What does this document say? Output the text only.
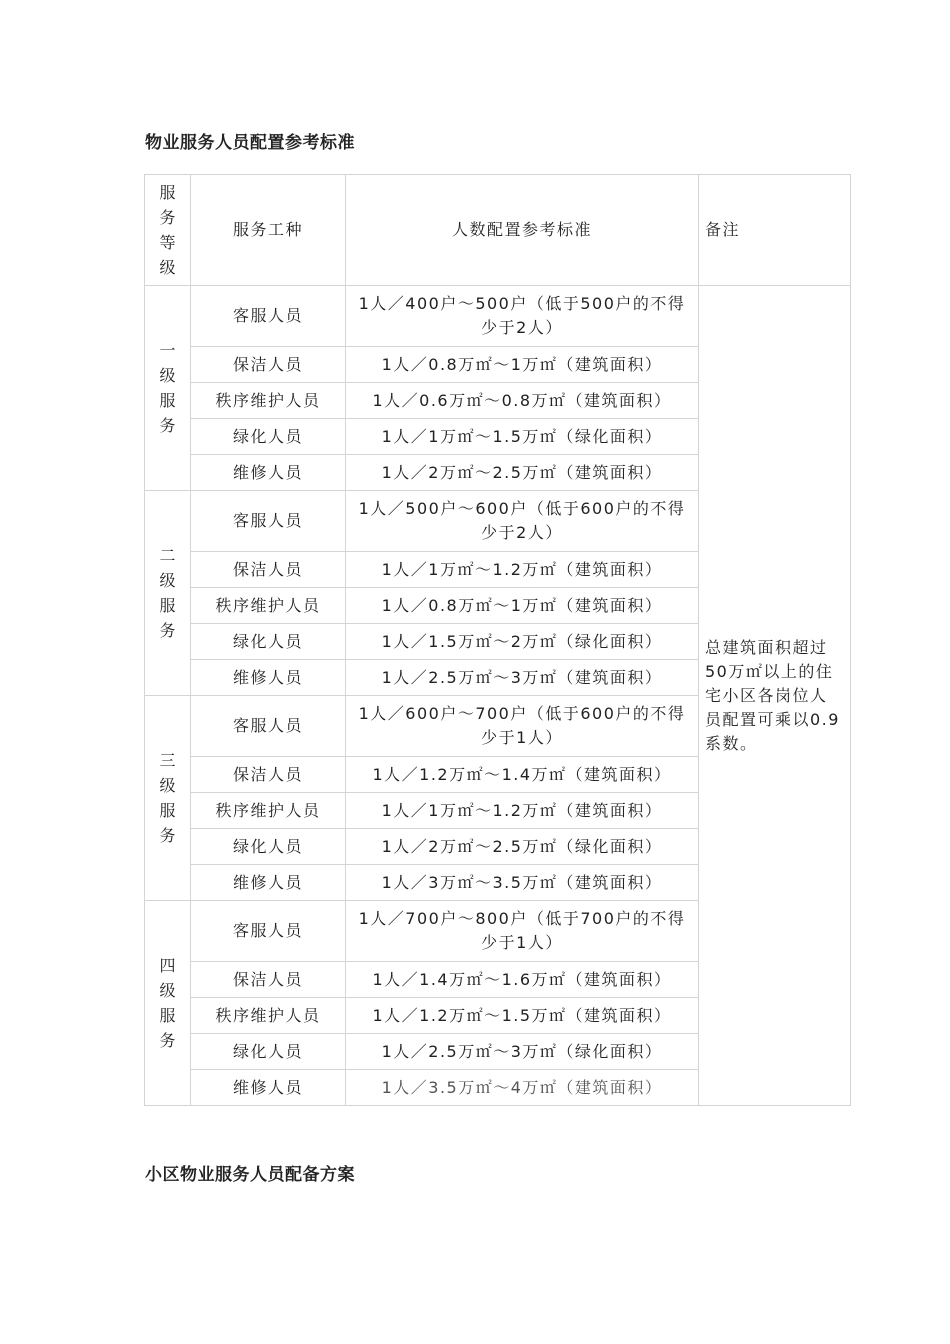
物业服务人员配置参考标准
服务等级	服务工种	人数配置参考标准	备注

一级服务	客服人员	1人／400户～500户（低于500户的不得少于2人）	总建筑面积超过50万㎡以上的住宅小区各岗位人员配置可乘以0.9系数。
	保洁人员	1人／0.8万㎡～1万㎡（建筑面积）	
	秩序维护人员	1人／0.6万㎡～0.8万㎡（建筑面积）	
	绿化人员	1人／1万㎡～1.5万㎡（绿化面积）	
	维修人员	1人／2万㎡～2.5万㎡（建筑面积）	

二级服务	客服人员	1人／500户～600户（低于600户的不得少于2人）	
	保洁人员	1人／1万㎡～1.2万㎡（建筑面积）	
	秩序维护人员	1人／0.8万㎡～1万㎡（建筑面积）	
	绿化人员	1人／1.5万㎡～2万㎡（绿化面积）	
	维修人员	1人／2.5万㎡～3万㎡（建筑面积）	

三级服务	客服人员	1人／600户～700户（低于600户的不得少于1人）	
	保洁人员	1人／1.2万㎡～1.4万㎡（建筑面积）	
	秩序维护人员	1人／1万㎡～1.2万㎡（建筑面积）	
	绿化人员	1人／2万㎡～2.5万㎡（绿化面积）	
	维修人员	1人／3万㎡～3.5万㎡（建筑面积）	

四级服务	客服人员	1人／700户～800户（低于700户的不得少于1人）	
	保洁人员	1人／1.4万㎡～1.6万㎡（建筑面积）	
	秩序维护人员	1人／1.2万㎡～1.5万㎡（建筑面积）	
	绿化人员	1人／2.5万㎡～3万㎡（绿化面积）	
	维修人员	1人／3.5万㎡～4万㎡（建筑面积）	
小区物业服务人员配备方案
